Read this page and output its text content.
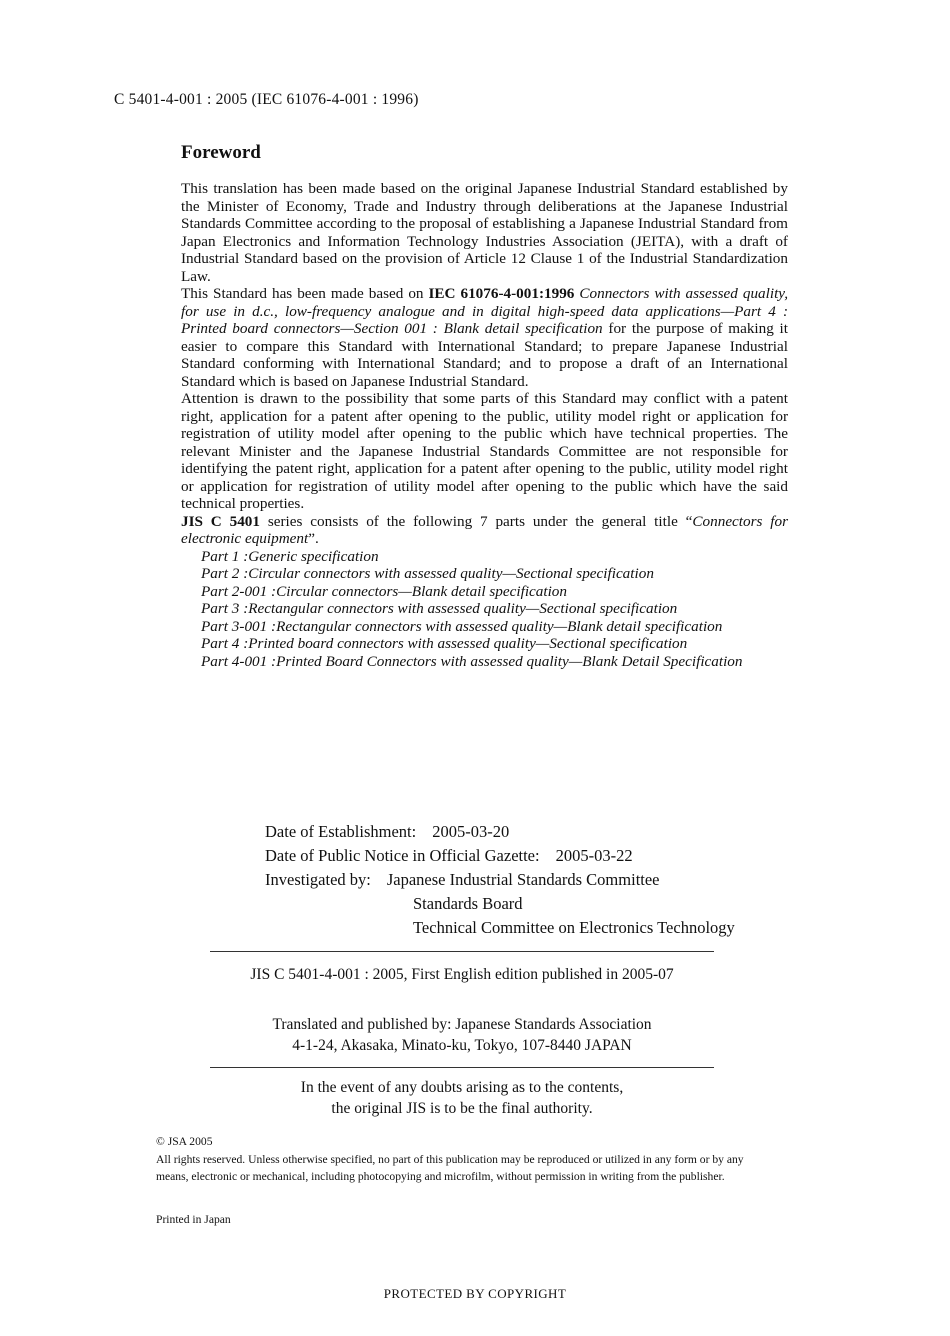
C 5401-4-001 : 2005 (IEC 61076-4-001 : 1996)
Foreword

This translation has been made based on the original Japanese Industrial Standard established by the Minister of Economy, Trade and Industry through deliberations at the Japanese Industrial Standards Committee according to the proposal of establishing a Japanese Industrial Standard from Japan Electronics and Information Technology Industries Association (JEITA), with a draft of Industrial Standard based on the provision of Article 12 Clause 1 of the Industrial Standardization Law.

This Standard has been made based on IEC 61076-4-001:1996 Connectors with assessed quality, for use in d.c., low-frequency analogue and in digital high-speed data applications—Part 4 : Printed board connectors—Section 001 : Blank detail specification for the purpose of making it easier to compare this Standard with International Standard; to prepare Japanese Industrial Standard conforming with International Standard; and to propose a draft of an International Standard which is based on Japanese Industrial Standard.

Attention is drawn to the possibility that some parts of this Standard may conflict with a patent right, application for a patent after opening to the public, utility model right or application for registration of utility model after opening to the public which have technical properties. The relevant Minister and the Japanese Industrial Standards Committee are not responsible for identifying the patent right, application for a patent after opening to the public, utility model right or application for registration of utility model after opening to the public which have the said technical properties.

JIS C 5401 series consists of the following 7 parts under the general title “Connectors for electronic equipment”.

Part 1 : Generic specification
Part 2 : Circular connectors with assessed quality—Sectional specification
Part 2-001 : Circular connectors—Blank detail specification
Part 3 : Rectangular connectors with assessed quality—Sectional specification
Part 3-001 : Rectangular connectors with assessed quality—Blank detail specification
Part 4 : Printed board connectors with assessed quality—Sectional specification
Part 4-001 : Printed Board Connectors with assessed quality—Blank Detail Specification
Date of Establishment: 2005-03-20
Date of Public Notice in Official Gazette: 2005-03-22
Investigated by: Japanese Industrial Standards Committee
Standards Board
Technical Committee on Electronics Technology
JIS C 5401-4-001 : 2005, First English edition published in 2005-07
Translated and published by: Japanese Standards Association
4-1-24, Akasaka, Minato-ku, Tokyo, 107-8440 JAPAN
In the event of any doubts arising as to the contents,
the original JIS is to be the final authority.
© JSA 2005
All rights reserved. Unless otherwise specified, no part of this publication may be reproduced or utilized in any form or by any means, electronic or mechanical, including photocopying and microfilm, without permission in writing from the publisher.
Printed in Japan
PROTECTED BY COPYRIGHT
